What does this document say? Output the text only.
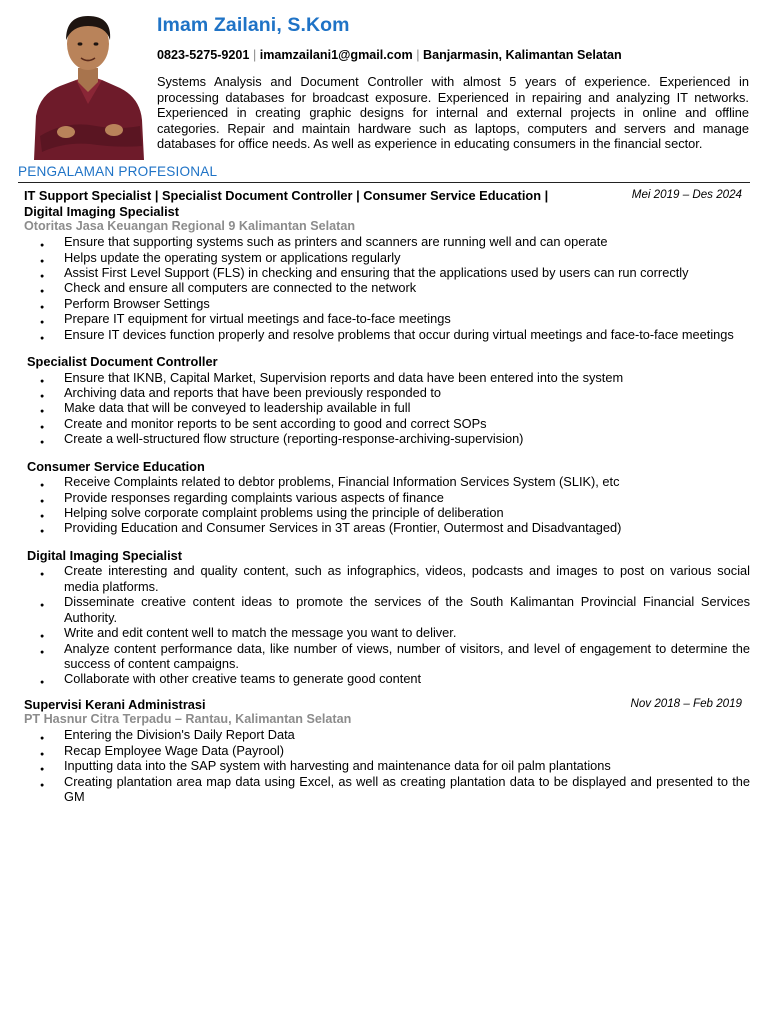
Imam Zailani, S.Kom
0823-5275-9201 | imamzailani1@gmail.com | Banjarmasin, Kalimantan Selatan

Systems Analysis and Document Controller with almost 5 years of experience. Experienced in processing databases for broadcast exposure. Experienced in repairing and analyzing IT networks. Experienced in creating graphic designs for internal and external projects in online and offline categories. Repair and maintain hardware such as laptops, computers and servers and manage databases for office needs. As well as experience in educating consumers in the financial sector.

PENGALAMAN PROFESIONAL
IT Support Specialist | Specialist Document Controller | Consumer Service Education | Digital Imaging Specialist
Mei 2019 – Des 2024
Otoritas Jasa Keuangan Regional 9 Kalimantan Selatan
● Ensure that supporting systems such as printers and scanners are running well and can operate
● Helps update the operating system or applications regularly
● Assist First Level Support (FLS) in checking and ensuring that the applications used by users can run correctly
● Check and ensure all computers are connected to the network
● Perform Browser Settings
● Prepare IT equipment for virtual meetings and face-to-face meetings
● Ensure IT devices function properly and resolve problems that occur during virtual meetings and face-to-face meetings
Specialist Document Controller
● Ensure that IKNB, Capital Market, Supervision reports and data have been entered into the system
● Archiving data and reports that have been previously responded to
● Make data that will be conveyed to leadership available in full
● Create and monitor reports to be sent according to good and correct SOPs
● Create a well-structured flow structure (reporting-response-archiving-supervision)
Consumer Service Education
● Receive Complaints related to debtor problems, Financial Information Services System (SLIK), etc
● Provide responses regarding complaints various aspects of finance
● Helping solve corporate complaint problems using the principle of deliberation
● Providing Education and Consumer Services in 3T areas (Frontier, Outermost and Disadvantaged)
Digital Imaging Specialist
● Create interesting and quality content, such as infographics, videos, podcasts and images to post on various social media platforms.
● Disseminate creative content ideas to promote the services of the South Kalimantan Provincial Financial Services Authority.
● Write and edit content well to match the message you want to deliver.
● Analyze content performance data, like number of views, number of visitors, and level of engagement to determine the success of content campaigns.
● Collaborate with other creative teams to generate good content
Supervisi Kerani Administrasi	Nov 2018 – Feb 2019
PT Hasnur Citra Terpadu – Rantau, Kalimantan Selatan
● Entering the Division's Daily Report Data
● Recap Employee Wage Data (Payrool)
● Inputting data into the SAP system with harvesting and maintenance data for oil palm plantations
● Creating plantation area map data using Excel, as well as creating plantation data to be displayed and presented to the GM
